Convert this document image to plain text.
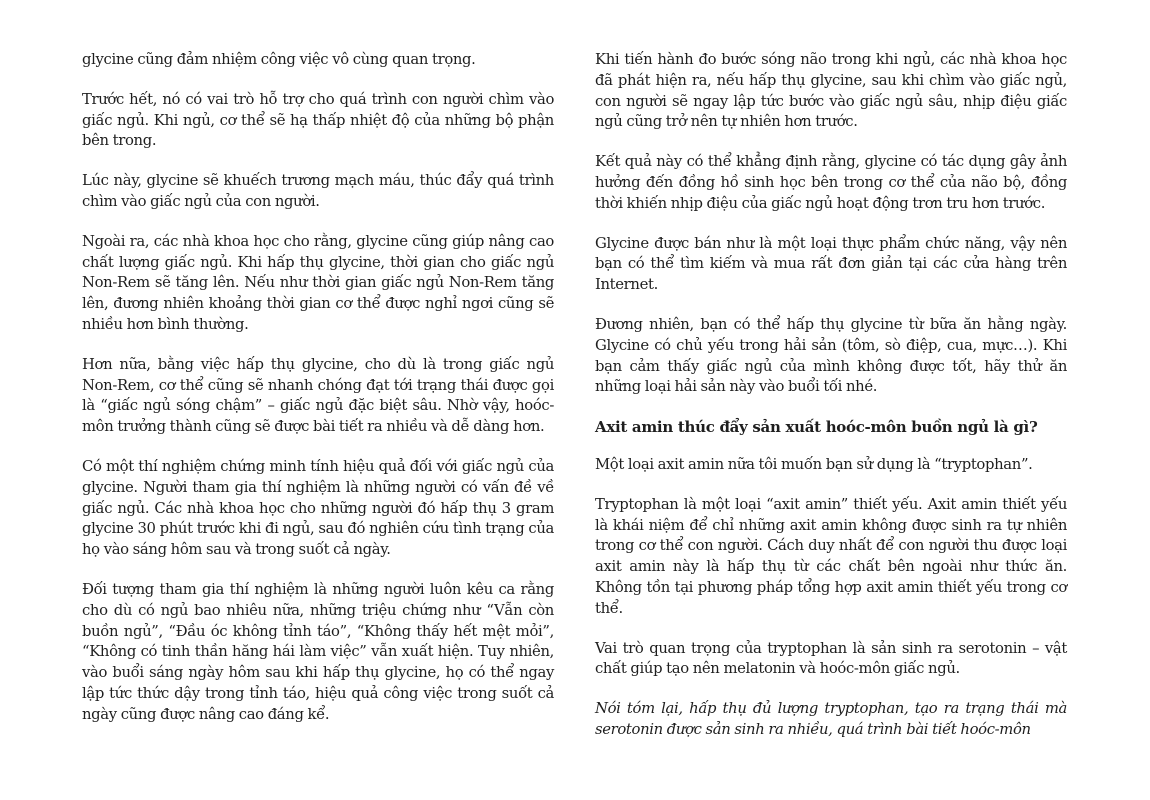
glycine cũng đảm nhiệm công việc vô cùng quan trọng.

Trước hết, nó có vai trò hỗ trợ cho quá trình con người chìm vào giấc ngủ. Khi ngủ, cơ thể sẽ hạ thấp nhiệt độ của những bộ phận bên trong.

Lúc này, glycine sẽ khuếch trương mạch máu, thúc đẩy quá trình chìm vào giấc ngủ của con người.

Ngoài ra, các nhà khoa học cho rằng, glycine cũng giúp nâng cao chất lượng giấc ngủ. Khi hấp thụ glycine, thời gian cho giấc ngủ Non-Rem sẽ tăng lên. Nếu như thời gian giấc ngủ Non-Rem tăng lên, đương nhiên khoảng thời gian cơ thể được nghỉ ngơi cũng sẽ nhiều hơn bình thường.

Hơn nữa, bằng việc hấp thụ glycine, cho dù là trong giấc ngủ Non-Rem, cơ thể cũng sẽ nhanh chóng đạt tới trạng thái được gọi là “giấc ngủ sóng chậm” – giấc ngủ đặc biệt sâu. Nhờ vậy, hoóc-môn trưởng thành cũng sẽ được bài tiết ra nhiều và dễ dàng hơn.

Có một thí nghiệm chứng minh tính hiệu quả đối với giấc ngủ của glycine. Người tham gia thí nghiệm là những người có vấn đề về giấc ngủ. Các nhà khoa học cho những người đó hấp thụ 3 gram glycine 30 phút trước khi đi ngủ, sau đó nghiên cứu tình trạng của họ vào sáng hôm sau và trong suốt cả ngày.

Đối tượng tham gia thí nghiệm là những người luôn kêu ca rằng cho dù có ngủ bao nhiêu nữa, những triệu chứng như “Vẫn còn buồn ngủ”, “Đầu óc không tỉnh táo”, “Không thấy hết mệt mỏi”, “Không có tinh thần hăng hái làm việc” vẫn xuất hiện. Tuy nhiên, vào buổi sáng ngày hôm sau khi hấp thụ glycine, họ có thể ngay lập tức thức dậy trong tỉnh táo, hiệu quả công việc trong suốt cả ngày cũng được nâng cao đáng kể.

Khi tiến hành đo bước sóng não trong khi ngủ, các nhà khoa học đã phát hiện ra, nếu hấp thụ glycine, sau khi chìm vào giấc ngủ, con người sẽ ngay lập tức bước vào giấc ngủ sâu, nhịp điệu giấc ngủ cũng trở nên tự nhiên hơn trước.

Kết quả này có thể khẳng định rằng, glycine có tác dụng gây ảnh hưởng đến đồng hồ sinh học bên trong cơ thể của não bộ, đồng thời khiến nhịp điệu của giấc ngủ hoạt động trơn tru hơn trước.

Glycine được bán như là một loại thực phẩm chức năng, vậy nên bạn có thể tìm kiếm và mua rất đơn giản tại các cửa hàng trên Internet.

Đương nhiên, bạn có thể hấp thụ glycine từ bữa ăn hằng ngày. Glycine có chủ yếu trong hải sản (tôm, sò điệp, cua, mực…). Khi bạn cảm thấy giấc ngủ của mình không được tốt, hãy thử ăn những loại hải sản này vào buổi tối nhé.

Axit amin thúc đẩy sản xuất hoóc-môn buồn ngủ là gì?

Một loại axit amin nữa tôi muốn bạn sử dụng là “tryptophan”.

Tryptophan là một loại “axit amin” thiết yếu. Axit amin thiết yếu là khái niệm để chỉ những axit amin không được sinh ra tự nhiên trong cơ thể con người. Cách duy nhất để con người thu được loại axit amin này là hấp thụ từ các chất bên ngoài như thức ăn. Không tồn tại phương pháp tổng hợp axit amin thiết yếu trong cơ thể.

Vai trò quan trọng của tryptophan là sản sinh ra serotonin – vật chất giúp tạo nên melatonin và hoóc-môn giấc ngủ.

Nói tóm lại, hấp thụ đủ lượng tryptophan, tạo ra trạng thái mà serotonin được sản sinh ra nhiều, quá trình bài tiết hoóc-môn
